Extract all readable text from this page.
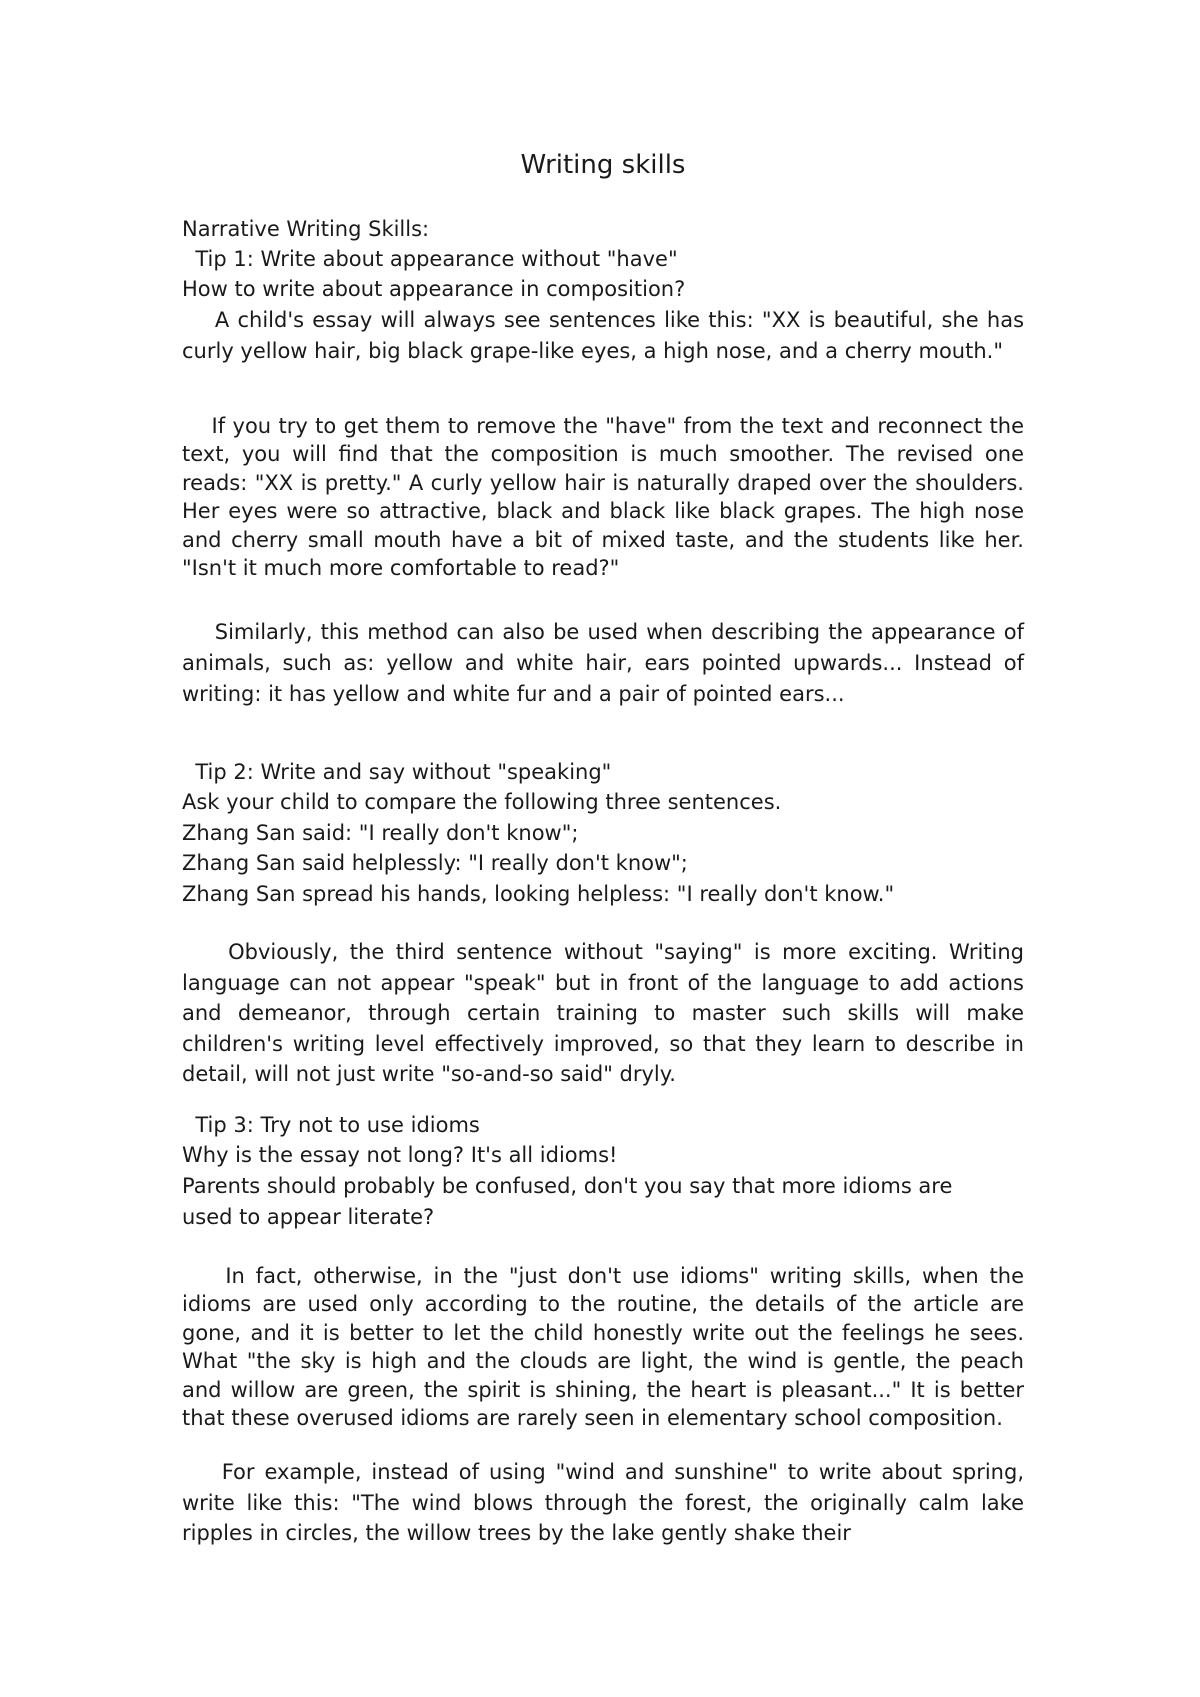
Writing skills
Narrative Writing Skills:
Tip 1: Write about appearance without "have"
How to write about appearance in composition?
A child's essay will always see sentences like this: "XX is beautiful, she has curly yellow hair, big black grape-like eyes, a high nose, and a cherry mouth."
If you try to get them to remove the "have" from the text and reconnect the text, you will find that the composition is much smoother. The revised one reads: "XX is pretty." A curly yellow hair is naturally draped over the shoulders. Her eyes were so attractive, black and black like black grapes. The high nose and cherry small mouth have a bit of mixed taste, and the students like her. "Isn't it much more comfortable to read?"
Similarly, this method can also be used when describing the appearance of animals, such as: yellow and white hair, ears pointed upwards... Instead of writing: it has yellow and white fur and a pair of pointed ears...
Tip 2: Write and say without "speaking"
Ask your child to compare the following three sentences.
Zhang San said: "I really don't know";
Zhang San said helplessly: "I really don't know";
Zhang San spread his hands, looking helpless: "I really don't know."
Obviously, the third sentence without "saying" is more exciting. Writing language can not appear "speak" but in front of the language to add actions and demeanor, through certain training to master such skills will make children's writing level effectively improved, so that they learn to describe in detail, will not just write "so-and-so said" dryly.
Tip 3: Try not to use idioms
Why is the essay not long? It's all idioms!
Parents should probably be confused, don't you say that more idioms are
used to appear literate?
In fact, otherwise, in the "just don't use idioms" writing skills, when the idioms are used only according to the routine, the details of the article are gone, and it is better to let the child honestly write out the feelings he sees. What "the sky is high and the clouds are light, the wind is gentle, the peach and willow are green, the spirit is shining, the heart is pleasant..." It is better that these overused idioms are rarely seen in elementary school composition.
For example, instead of using "wind and sunshine" to write about spring, write like this: "The wind blows through the forest, the originally calm lake ripples in circles, the willow trees by the lake gently shake their
